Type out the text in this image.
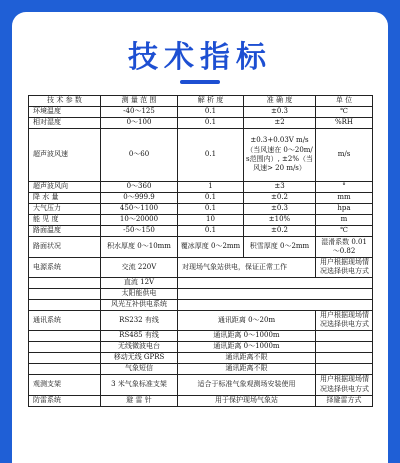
技术指标
技 术 参 数	测 量 范 围	解 析 度	准 确 度	单 位
环境温度	-40～125	0.1	±0.3	℃
相对湿度	0～100	0.1	±2	%RH
超声波风速	0～60	0.1	±0.3+0.03V m/s（当风速在 0～20m/s范围内）, ±2%（当风速> 20 m/s）	m/s
超声波风向	0～360	1	±3	°
降 水 量	0～999.9	0.1	±0.2	mm
大气压力	450～1100	0.1	±0.3	hpa
能 见 度	10～20000	10	±10%	m
路面温度	-50～150	0.1	±0.2	℃
路面状况	积水厚度 0～10mm	覆冰厚度 0～2mm	积雪厚度 0～2mm	湿滑系数 0.01～0.82
电源系统	交流 220V	对现场气象站供电，保证正常工作		用户根据现场情况选择供电方式

	直流 12V			
	太阳能供电			
	风光互补供电系统			
通讯系统	RS232 有线	通讯距离 0～20m		用户根据现场情况选择供电方式

	RS485 有线	通讯距离 0～1000m		
	无线微波电台	通讯距离 0～1000m		
	移动无线 GPRS	通讯距离不限		
	气象短信	通讯距离不限		
观测支架	3 米气象标准支架	适合于标准气象观测场安装使用		用户根据现场情况选择供电方式
防雷系统	避 雷 针	用于保护现场气象站		择避雷方式
